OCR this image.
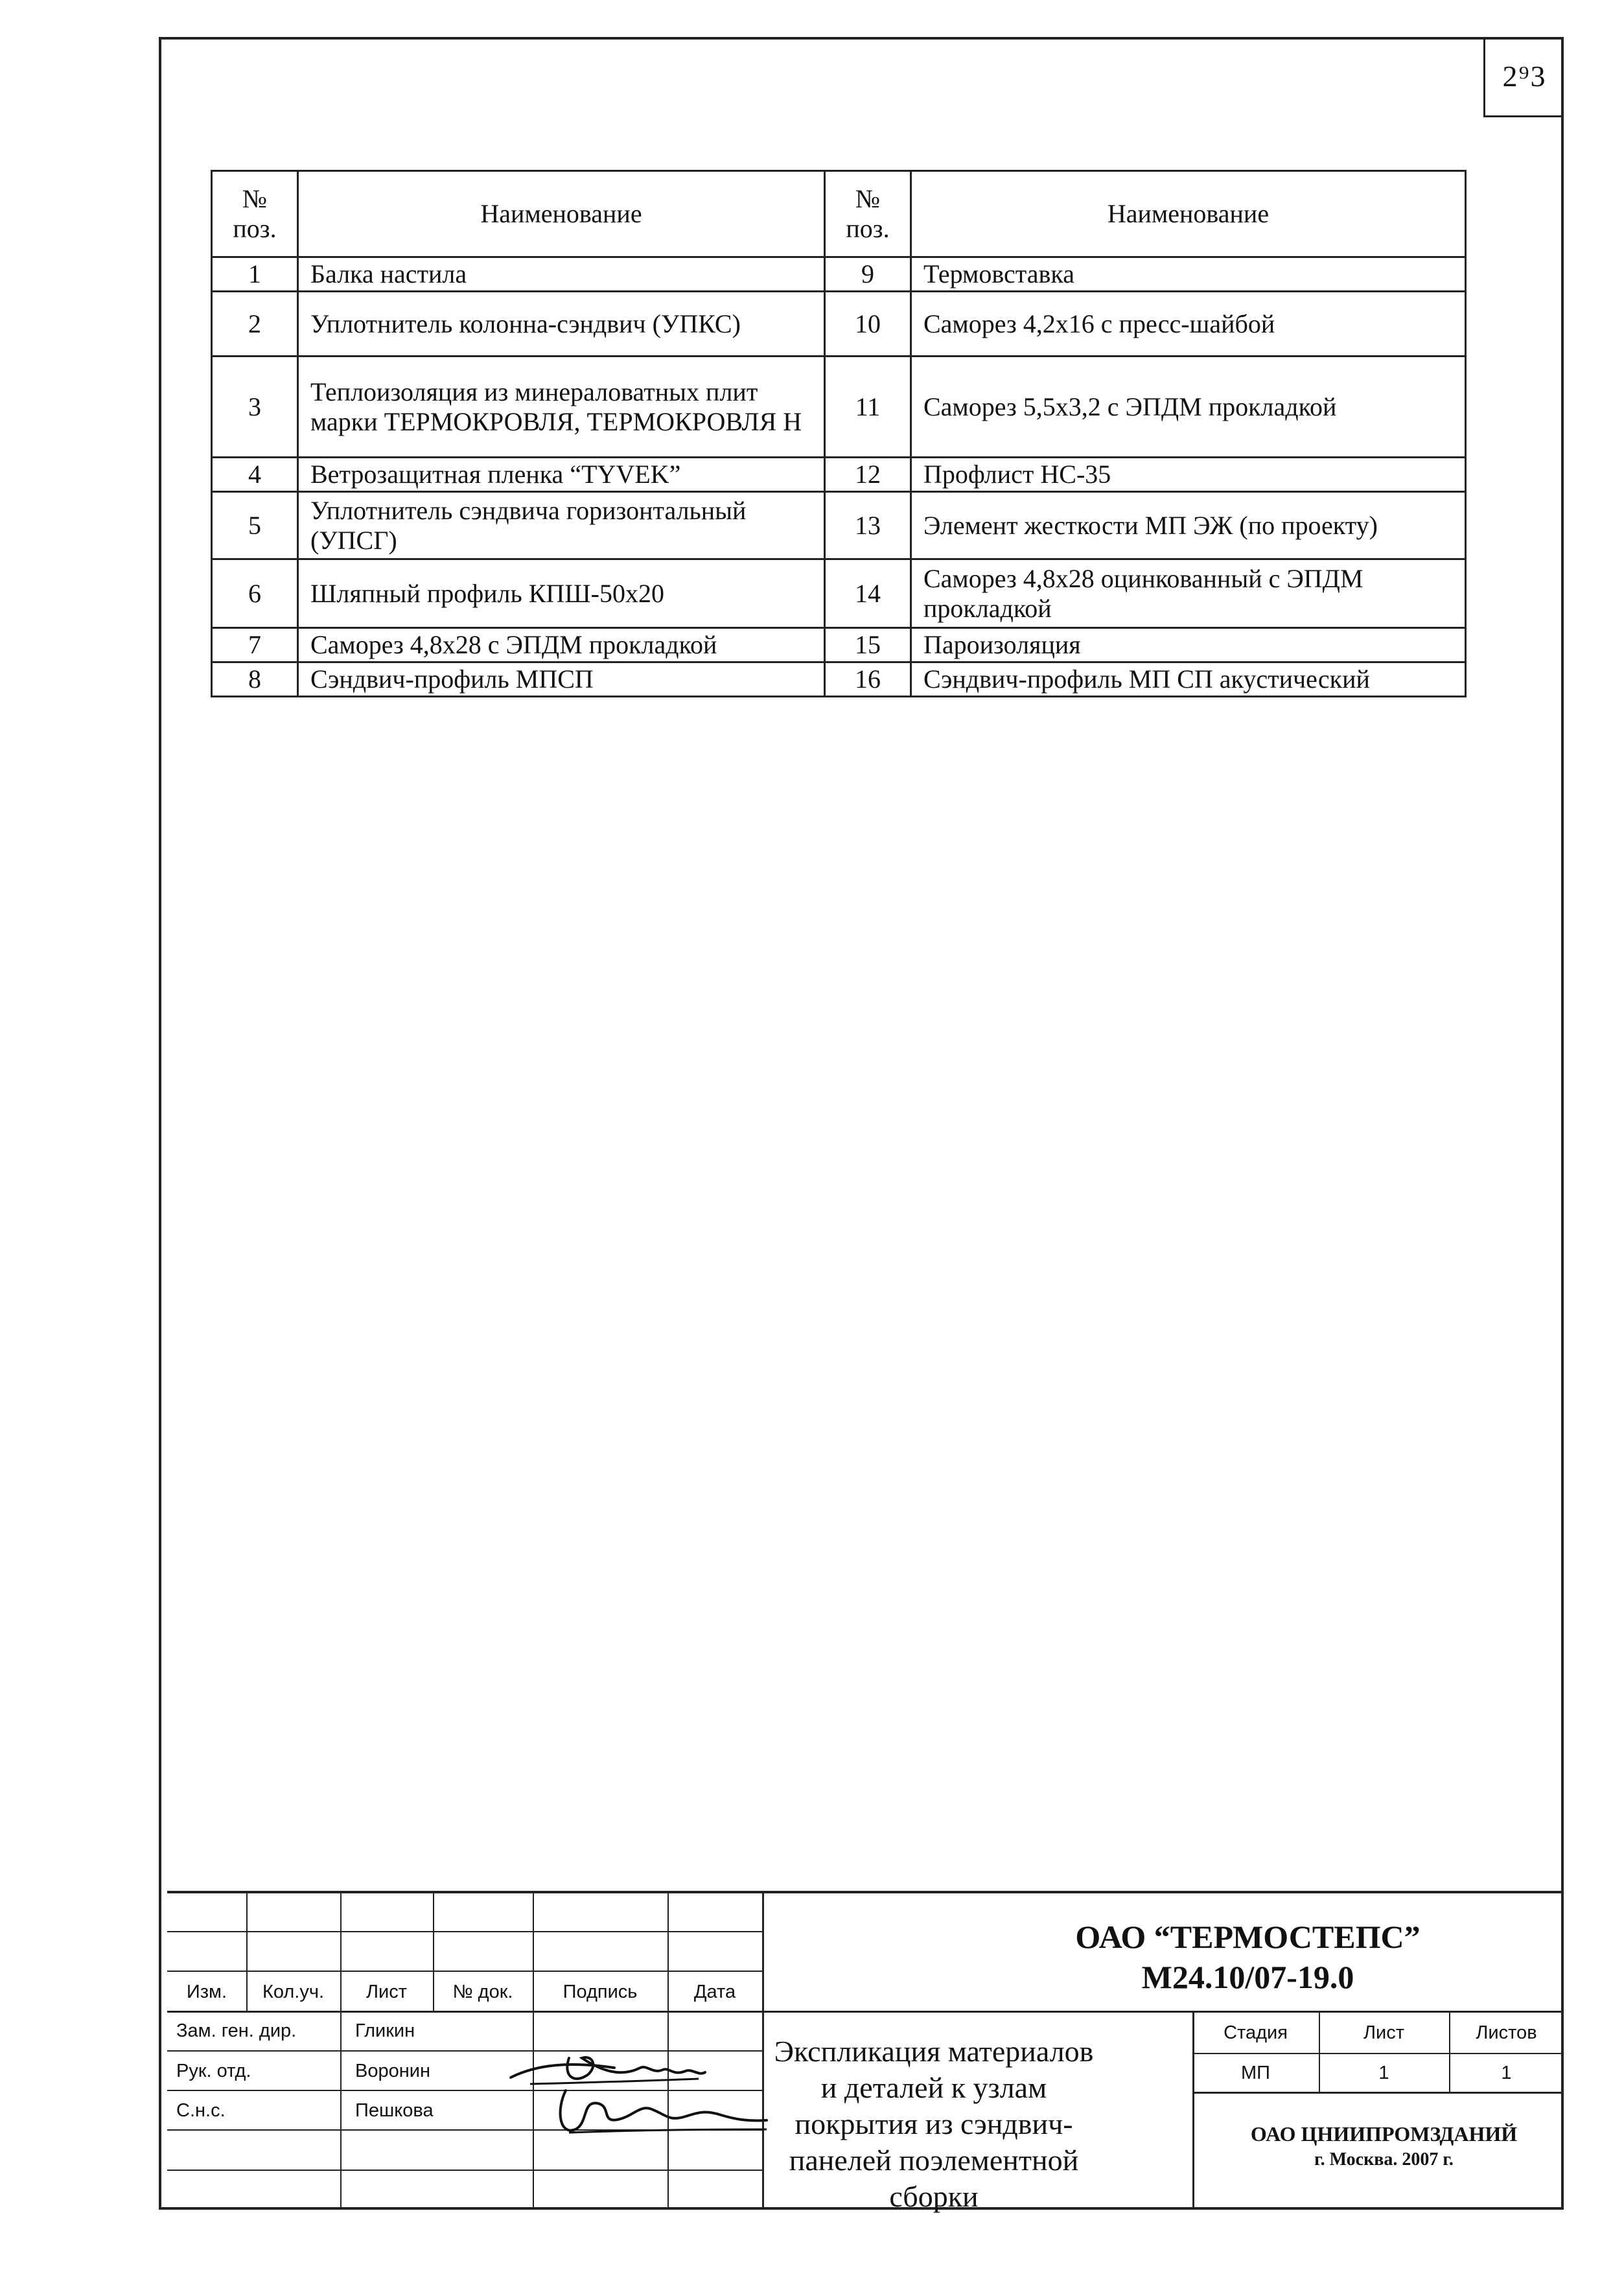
2⁹3
№ поз.	Наименование	№ поз.	Наименование
1	Балка настила	9	Термовставка
2	Уплотнитель колонна-сэндвич (УПКС)	10	Саморез 4,2x16 с пресс-шайбой
3	Теплоизоляция из минераловатных плит марки ТЕРМОКРОВЛЯ, ТЕРМОКРОВЛЯ Н	11	Саморез 5,5x3,2 с ЭПДМ прокладкой
4	Ветрозащитная пленка “TYVEK”	12	Профлист НС-35
5	Уплотнитель сэндвича горизонтальный (УПСГ)	13	Элемент жесткости МП ЭЖ (по проекту)
6	Шляпный профиль КПШ-50x20	14	Саморез 4,8x28 оцинкованный с ЭПДМ прокладкой
7	Саморез 4,8x28 с ЭПДМ прокладкой	15	Пароизоляция
8	Сэндвич-профиль МПСП	16	Сэндвич-профиль МП СП акустический
Изм.	Кол.уч.	Лист	№ док.	Подпись	Дата
Зам. ген. дир.	Гликин
Рук. отд.	Воронин
С.н.с.	Пешкова
ОАО “ТЕРМОСТЕПС”
М24.10/07-19.0
Экспликация материалов и деталей к узлам покрытия из сэндвич-панелей поэлементной сборки
Стадия	Лист	Листов
МП	1	1
ОАО ЦНИИПРОМЗДАНИЙ
г. Москва. 2007 г.
